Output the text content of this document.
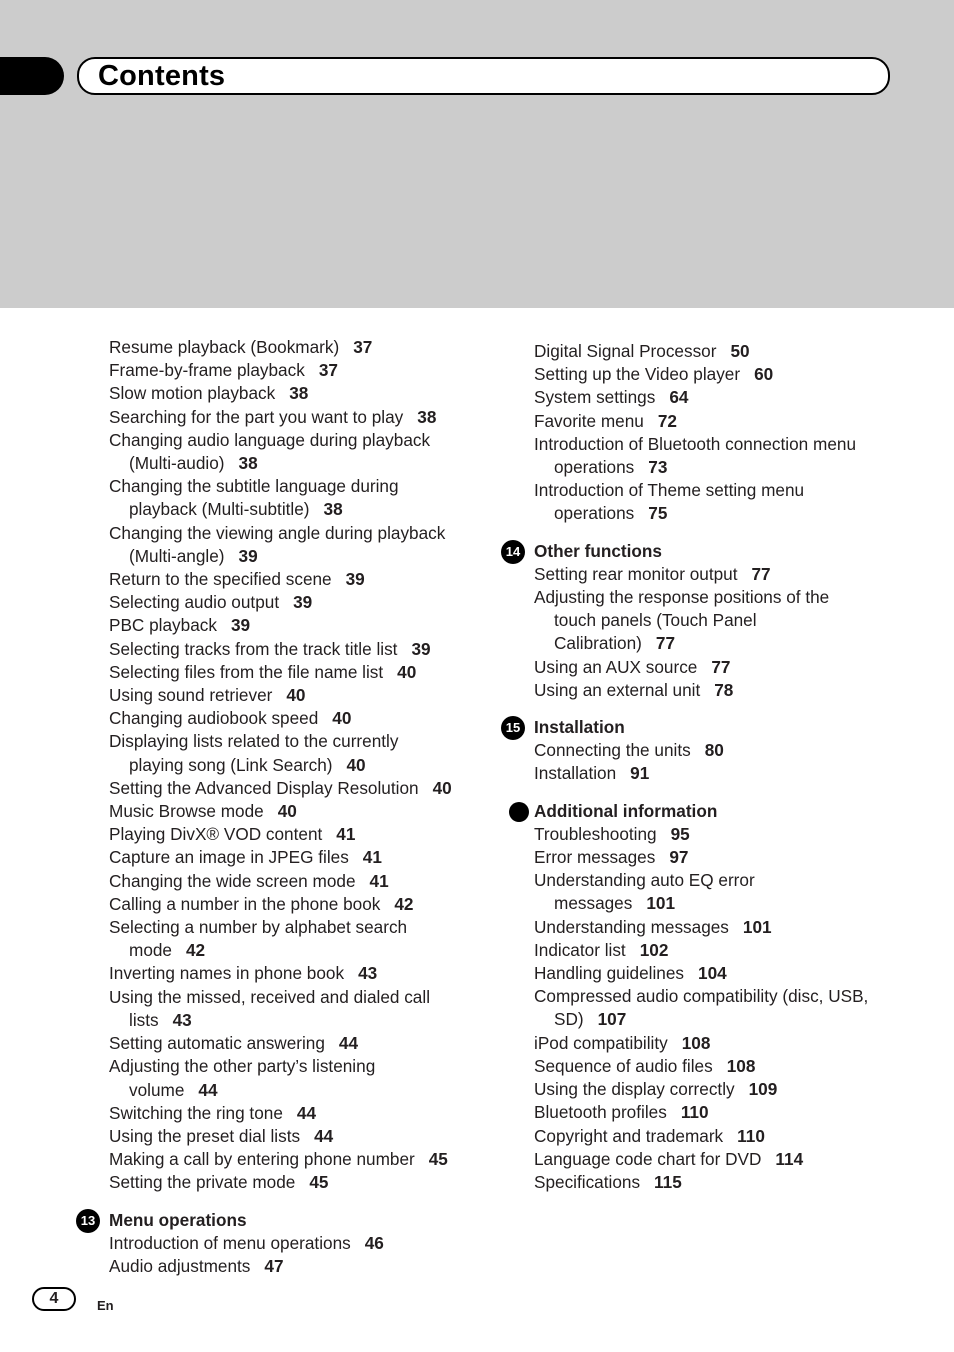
Contents
Resume playback (Bookmark) 37
Frame-by-frame playback 37
Slow motion playback 38
Searching for the part you want to play 38
Changing audio language during playback
(Multi-audio) 38
Changing the subtitle language during
playback (Multi-subtitle) 38
Changing the viewing angle during playback
(Multi-angle) 39
Return to the specified scene 39
Selecting audio output 39
PBC playback 39
Selecting tracks from the track title list 39
Selecting files from the file name list 40
Using sound retriever 40
Changing audiobook speed 40
Displaying lists related to the currently
playing song (Link Search) 40
Setting the Advanced Display Resolution 40
Music Browse mode 40
Playing DivX® VOD content 41
Capture an image in JPEG files 41
Changing the wide screen mode 41
Calling a number in the phone book 42
Selecting a number by alphabet search
mode 42
Inverting names in phone book 43
Using the missed, received and dialed call
lists 43
Setting automatic answering 44
Adjusting the other party’s listening
volume 44
Switching the ring tone 44
Using the preset dial lists 44
Making a call by entering phone number 45
Setting the private mode 45
13 Menu operations
Introduction of menu operations 46
Audio adjustments 47
Digital Signal Processor 50
Setting up the Video player 60
System settings 64
Favorite menu 72
Introduction of Bluetooth connection menu
operations 73
Introduction of Theme setting menu
operations 75
14 Other functions
Setting rear monitor output 77
Adjusting the response positions of the
touch panels (Touch Panel
Calibration) 77
Using an AUX source 77
Using an external unit 78
15 Installation
Connecting the units 80
Installation 91
Additional information
Troubleshooting 95
Error messages 97
Understanding auto EQ error
messages 101
Understanding messages 101
Indicator list 102
Handling guidelines 104
Compressed audio compatibility (disc, USB,
SD) 107
iPod compatibility 108
Sequence of audio files 108
Using the display correctly 109
Bluetooth profiles 110
Copyright and trademark 110
Language code chart for DVD 114
Specifications 115
4	En
